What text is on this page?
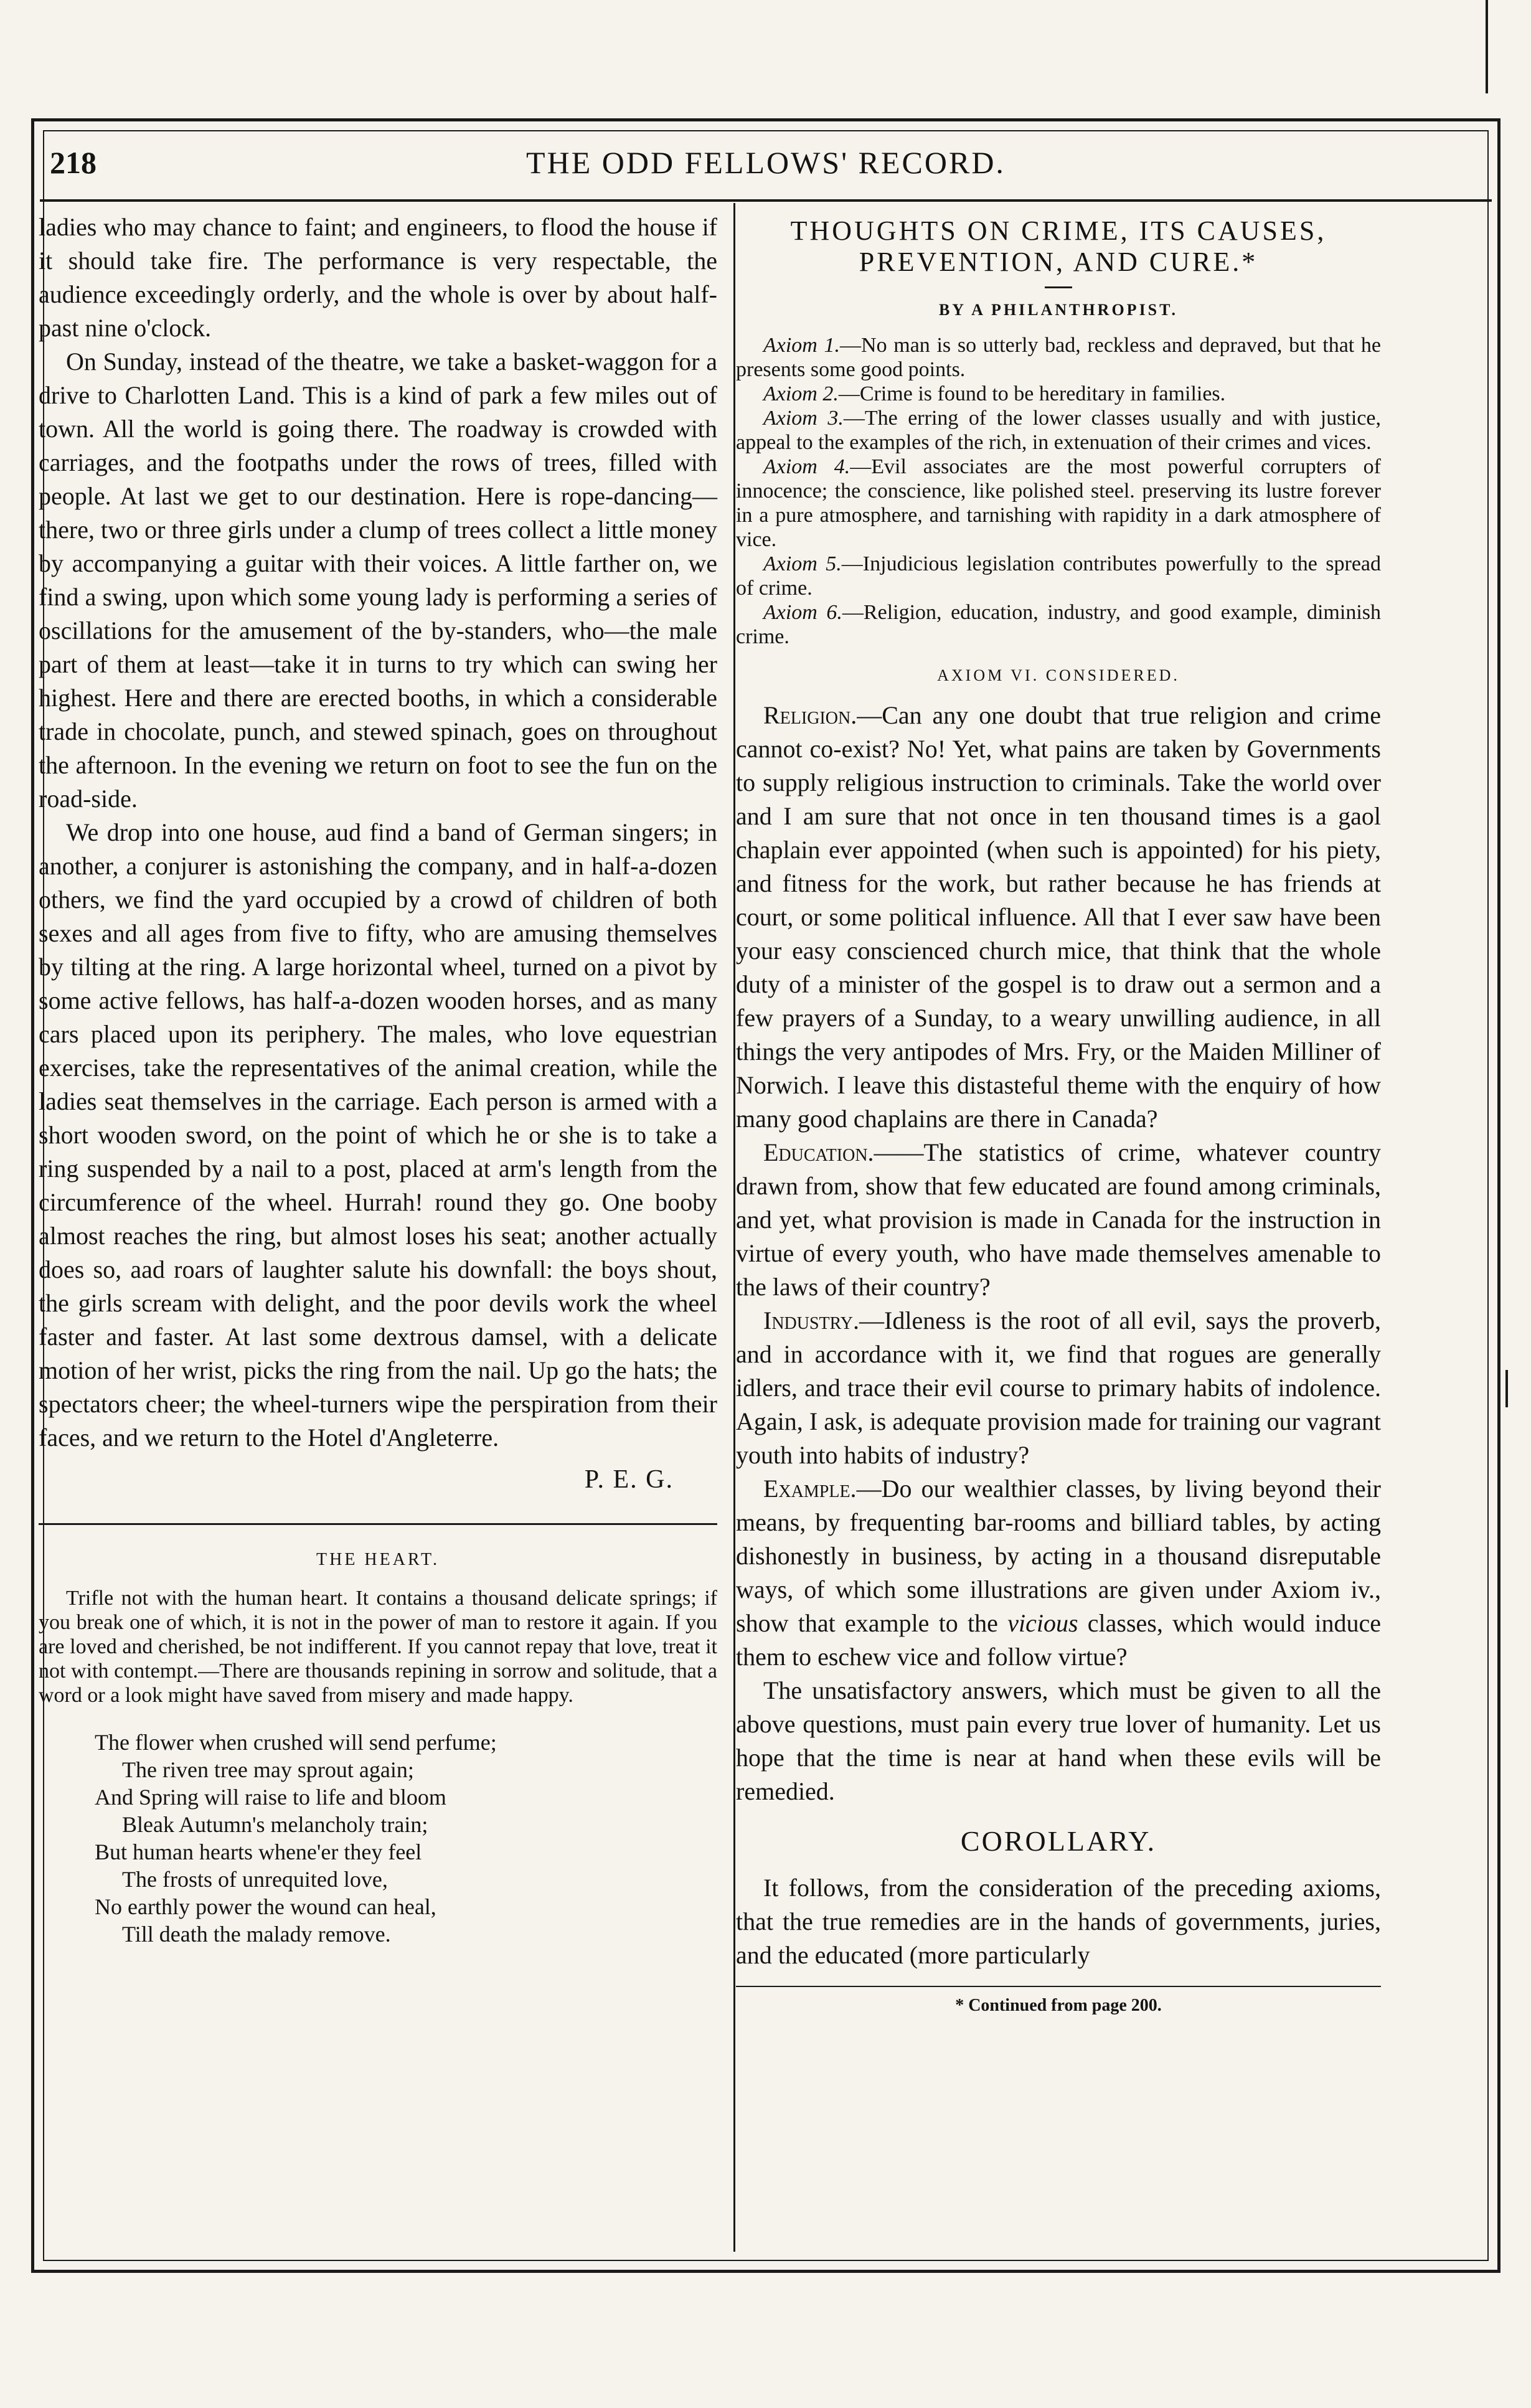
218	THE ODD FELLOWS' RECORD.

ladies who may chance to faint; and engineers, to flood the house if it should take fire. The performance is very respectable, the audience exceedingly orderly, and the whole is over by about half-past nine o'clock.

On Sunday, instead of the theatre, we take a basket-waggon for a drive to Charlotten Land. This is a kind of park a few miles out of town. All the world is going there. The roadway is crowded with carriages, and the footpaths under the rows of trees, filled with people. At last we get to our destination. Here is rope-dancing—there, two or three girls under a clump of trees collect a little money by accompanying a guitar with their voices. A little farther on, we find a swing, upon which some young lady is performing a series of oscillations for the amusement of the by-standers, who—the male part of them at least—take it in turns to try which can swing her highest. Here and there are erected booths, in which a considerable trade in chocolate, punch, and stewed spinach, goes on throughout the afternoon. In the evening we return on foot to see the fun on the road-side.

We drop into one house, aud find a band of German singers; in another, a conjurer is astonishing the company, and in half-a-dozen others, we find the yard occupied by a crowd of children of both sexes and all ages from five to fifty, who are amusing themselves by tilting at the ring. A large horizontal wheel, turned on a pivot by some active fellows, has half-a-dozen wooden horses, and as many cars placed upon its periphery. The males, who love equestrian exercises, take the representatives of the animal creation, while the ladies seat themselves in the carriage. Each person is armed with a short wooden sword, on the point of which he or she is to take a ring suspended by a nail to a post, placed at arm's length from the circumference of the wheel. Hurrah! round they go. One booby almost reaches the ring, but almost loses his seat; another actually does so, aad roars of laughter salute his downfall: the boys shout, the girls scream with delight, and the poor devils work the wheel faster and faster. At last some dextrous damsel, with a delicate motion of her wrist, picks the ring from the nail. Up go the hats; the spectators cheer; the wheel-turners wipe the perspiration from their faces, and we return to the Hotel d'Angleterre.

P. E. G.
THE HEART.

Trifle not with the human heart. It contains a thousand delicate springs; if you break one of which, it is not in the power of man to restore it again. If you are loved and cherished, be not indifferent. If you cannot repay that love, treat it not with contempt.—There are thousands repining in sorrow and solitude, that a word or a look might have saved from misery and made happy.

The flower when crushed will send perfume;
The riven tree may sprout again;
And Spring will raise to life and bloom
Bleak Autumn's melancholy train;
But human hearts whene'er they feel
The frosts of unrequited love,
No earthly power the wound can heal,
Till death the malady remove.
THOUGHTS ON CRIME, ITS CAUSES,
PREVENTION, AND CURE.*
BY A PHILANTHROPIST.

Axiom 1.—No man is so utterly bad, reckless and depraved, but that he presents some good points.

Axiom 2.—Crime is found to be hereditary in families.

Axiom 3.—The erring of the lower classes usually and with justice, appeal to the examples of the rich, in extenuation of their crimes and vices.

Axiom 4.—Evil associates are the most powerful corrupters of innocence; the conscience, like polished steel. preserving its lustre forever in a pure atmosphere, and tarnishing with rapidity in a dark atmosphere of vice.

Axiom 5.—Injudicious legislation contributes powerfully to the spread of crime.

Axiom 6.—Religion, education, industry, and good example, diminish crime.

AXIOM VI. CONSIDERED.

Religion.—Can any one doubt that true religion and crime cannot co-exist? No! Yet, what pains are taken by Governments to supply religious instruction to criminals. Take the world over and I am sure that not once in ten thousand times is a gaol chaplain ever appointed (when such is appointed) for his piety, and fitness for the work, but rather because he has friends at court, or some political influence. All that I ever saw have been your easy conscienced church mice, that think that the whole duty of a minister of the gospel is to draw out a sermon and a few prayers of a Sunday, to a weary unwilling audience, in all things the very antipodes of Mrs. Fry, or the Maiden Milliner of Norwich. I leave this distasteful theme with the enquiry of how many good chaplains are there in Canada?

Education.——The statistics of crime, whatever country drawn from, show that few educated are found among criminals, and yet, what provision is made in Canada for the instruction in virtue of every youth, who have made themselves amenable to the laws of their country?

Industry.—Idleness is the root of all evil, says the proverb, and in accordance with it, we find that rogues are generally idlers, and trace their evil course to primary habits of indolence. Again, I ask, is adequate provision made for training our vagrant youth into habits of industry?

Example.—Do our wealthier classes, by living beyond their means, by frequenting bar-rooms and billiard tables, by acting dishonestly in business, by acting in a thousand disreputable ways, of which some illustrations are given under Axiom iv., show that example to the vicious classes, which would induce them to eschew vice and follow virtue?

The unsatisfactory answers, which must be given to all the above questions, must pain every true lover of humanity. Let us hope that the time is near at hand when these evils will be remedied.

COROLLARY.

It follows, from the consideration of the preceding axioms, that the true remedies are in the hands of governments, juries, and the educated (more particularly

* Continued from page 200.
